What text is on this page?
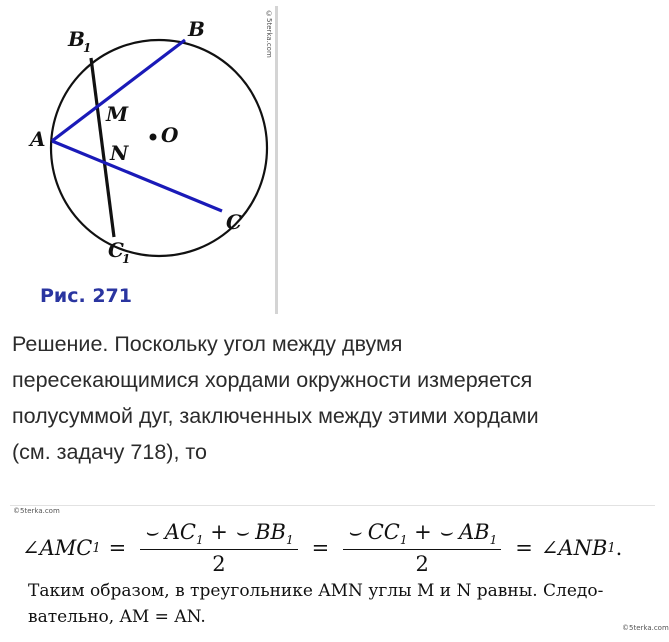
B
1
B
M
A	O
N
C
C
1
Рис. 271
©5terka.com
Решение. Поскольку угол между двумя
пересекающимися хордами окружности измеряется
полусуммой дуг, заключенных между этими хордами
(см. задачу 718), то
©5terka.com
∠AMC $1 = \frac{⌣ AC_1 + ⌣ BB_1}{2} = \frac{⌣ CC_1 + ⌣ AB_1}{2}$ = ∠ANB 1 .
Таким образом, в треугольнике AMN углы M и N равны. Следо-
вательно, AM = AN.
©5terka.com
